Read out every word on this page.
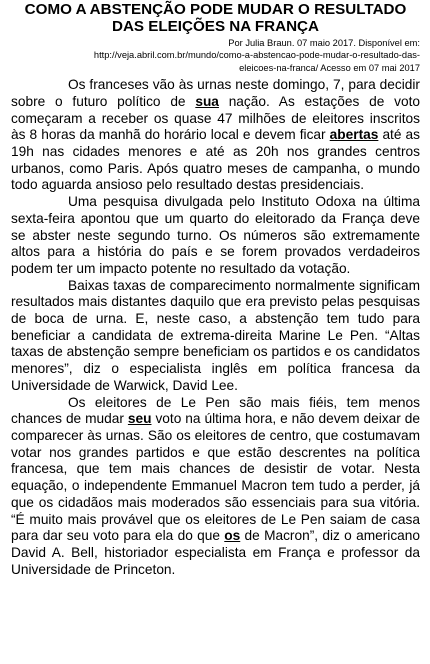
COMO A ABSTENÇÃO PODE MUDAR O RESULTADO
DAS ELEIÇÕES NA FRANÇA
Por Julia Braun. 07 maio 2017. Disponível em:
http://veja.abril.com.br/mundo/como-a-abstencao-pode-mudar-o-resultado-das-
eleicoes-na-franca/ Acesso em 07 mai 2017

Os franceses vão às urnas neste domingo, 7, para decidir sobre o futuro político de sua nação. As estações de voto começaram a receber os quase 47 milhões de eleitores inscritos às 8 horas da manhã do horário local e devem ficar abertas até as 19h nas cidades menores e até as 20h nos grandes centros urbanos, como Paris. Após quatro meses de campanha, o mundo todo aguarda ansioso pelo resultado destas presidenciais.

Uma pesquisa divulgada pelo Instituto Odoxa na última sexta-feira apontou que um quarto do eleitorado da França deve se abster neste segundo turno. Os números são extremamente altos para a história do país e se forem provados verdadeiros podem ter um impacto potente no resultado da votação.

Baixas taxas de comparecimento normalmente significam resultados mais distantes daquilo que era previsto pelas pesquisas de boca de urna. E, neste caso, a abstenção tem tudo para beneficiar a candidata de extrema-direita Marine Le Pen. “Altas taxas de abstenção sempre beneficiam os partidos e os candidatos menores”, diz o especialista inglês em política francesa da Universidade de Warwick, David Lee.

Os eleitores de Le Pen são mais fiéis, tem menos chances de mudar seu voto na última hora, e não devem deixar de comparecer às urnas. São os eleitores de centro, que costumavam votar nos grandes partidos e que estão descrentes na política francesa, que tem mais chances de desistir de votar. Nesta equação, o independente Emmanuel Macron tem tudo a perder, já que os cidadãos mais moderados são essenciais para sua vitória. “É muito mais provável que os eleitores de Le Pen saiam de casa para dar seu voto para ela do que os de Macron”, diz o americano David A. Bell, historiador especialista em França e professor da Universidade de Princeton.
